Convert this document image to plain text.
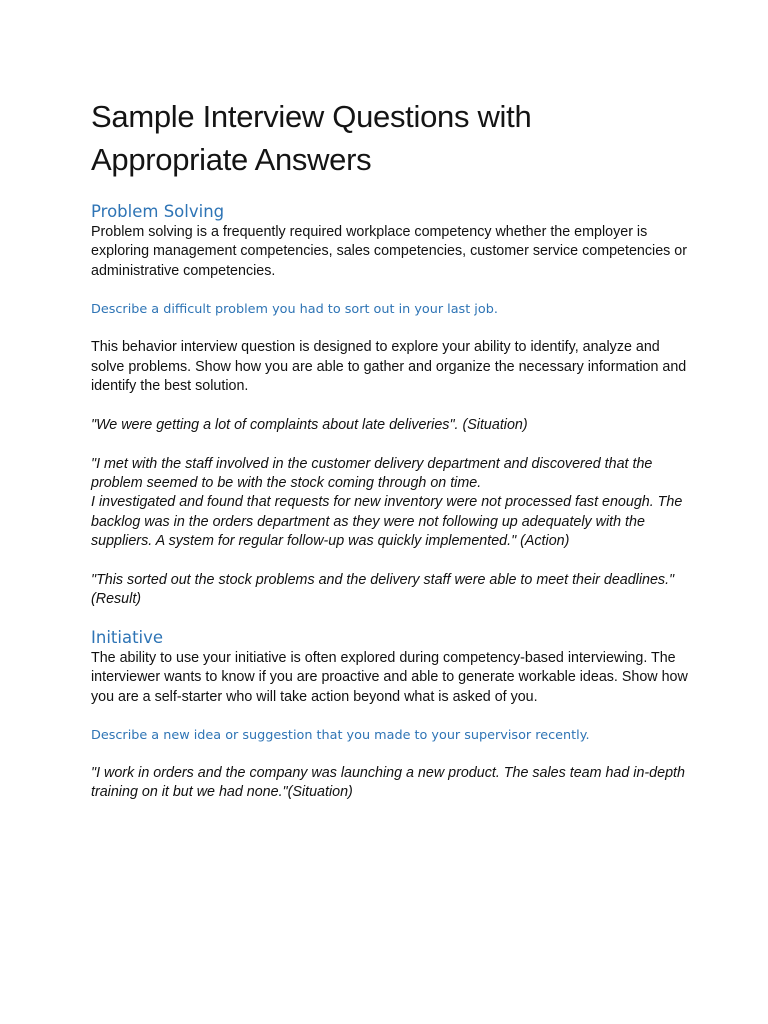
Sample Interview Questions with
Appropriate Answers
Problem Solving

Problem solving is a frequently required workplace competency whether the employer is exploring management competencies, sales competencies, customer service competencies or administrative competencies.

Describe a difficult problem you had to sort out in your last job.

This behavior interview question is designed to explore your ability to identify, analyze and solve problems. Show how you are able to gather and organize the necessary information and identify the best solution.

"We were getting a lot of complaints about late deliveries". (Situation)

"I met with the staff involved in the customer delivery department and discovered that the problem seemed to be with the stock coming through on time.
I investigated and found that requests for new inventory were not processed fast enough. The backlog was in the orders department as they were not following up adequately with the suppliers. A system for regular follow-up was quickly implemented." (Action)

"This sorted out the stock problems and the delivery staff were able to meet their deadlines." (Result)

Initiative

The ability to use your initiative is often explored during competency-based interviewing. The interviewer wants to know if you are proactive and able to generate workable ideas. Show how you are a self-starter who will take action beyond what is asked of you.

Describe a new idea or suggestion that you made to your supervisor recently.

"I work in orders and the company was launching a new product. The sales team had in-depth training on it but we had none."(Situation)
